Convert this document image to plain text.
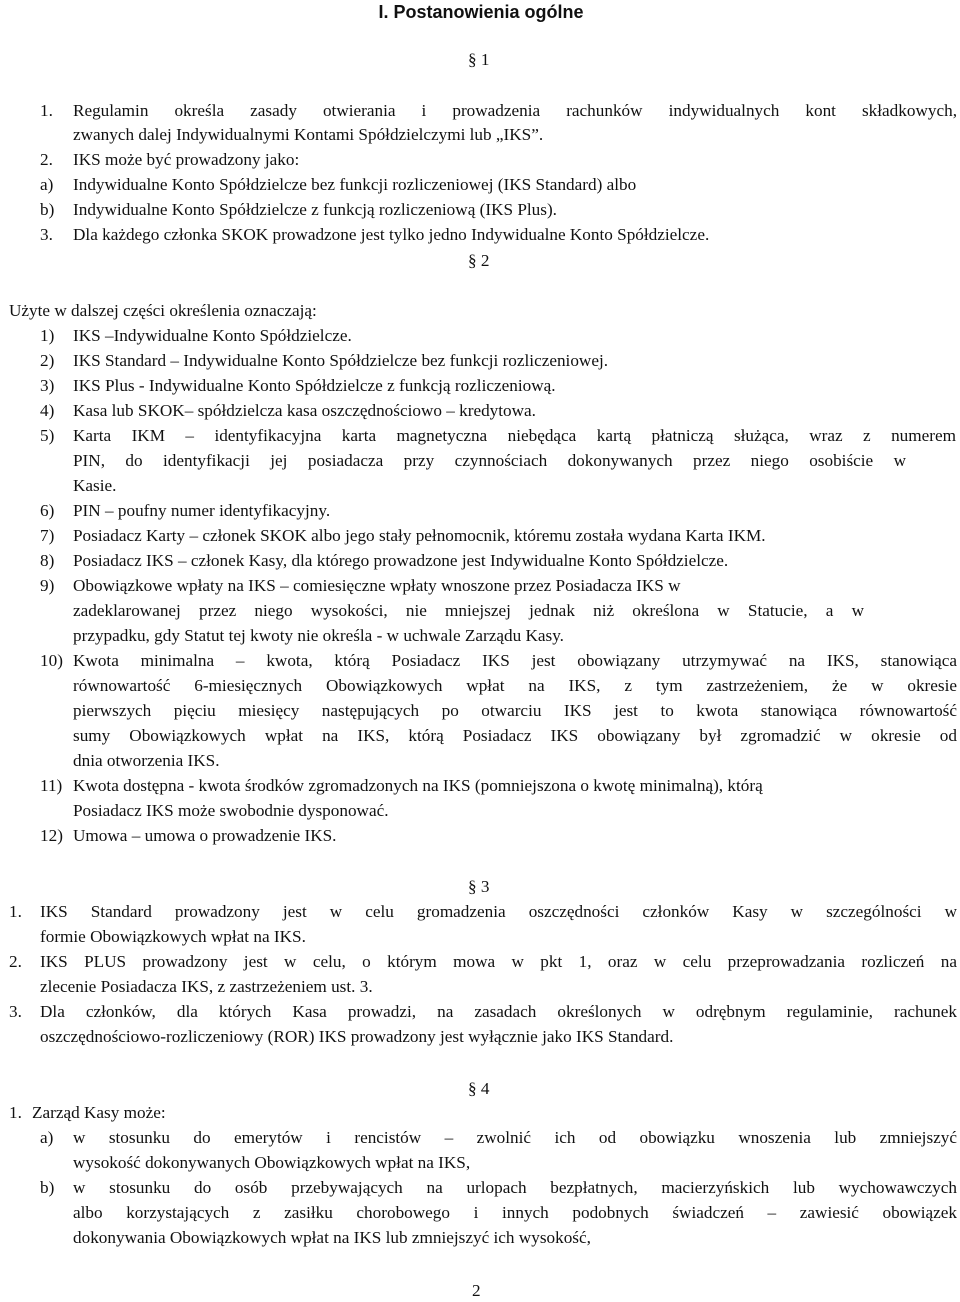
I. Postanowienia ogólne
§ 1
1. Regulamin określa zasady otwierania i prowadzenia rachunków indywidualnych kont składkowych,
zwanych dalej Indywidualnymi Kontami Spółdzielczymi lub „IKS”.
2. IKS może być prowadzony jako:
a) Indywidualne Konto Spółdzielcze bez funkcji rozliczeniowej (IKS Standard) albo
b) Indywidualne Konto Spółdzielcze z funkcją rozliczeniową (IKS Plus).
3. Dla każdego członka SKOK prowadzone jest tylko jedno Indywidualne Konto Spółdzielcze.
§ 2
Użyte w dalszej części określenia oznaczają:
1) IKS –Indywidualne Konto Spółdzielcze.
2) IKS Standard – Indywidualne Konto Spółdzielcze bez funkcji rozliczeniowej.
3) IKS Plus - Indywidualne Konto Spółdzielcze z funkcją rozliczeniową.
4) Kasa lub SKOK– spółdzielcza kasa oszczędnościowo – kredytowa.
5) Karta IKM – identyfikacyjna karta magnetyczna niebędąca kartą płatniczą służąca, wraz z numerem
PIN, do identyfikacji jej posiadacza przy czynnościach dokonywanych przez niego osobiście w
Kasie.
6) PIN – poufny numer identyfikacyjny.
7) Posiadacz Karty – członek SKOK albo jego stały pełnomocnik, któremu została wydana Karta IKM.
8) Posiadacz IKS – członek Kasy, dla którego prowadzone jest Indywidualne Konto Spółdzielcze.
9) Obowiązkowe wpłaty na IKS – comiesięczne wpłaty wnoszone przez Posiadacza IKS w
zadeklarowanej przez niego wysokości, nie mniejszej jednak niż określona w Statucie, a w
przypadku, gdy Statut tej kwoty nie określa - w uchwale Zarządu Kasy.
10) Kwota minimalna – kwota, którą Posiadacz IKS jest obowiązany utrzymywać na IKS, stanowiąca
równowartość 6-miesięcznych Obowiązkowych wpłat na IKS, z tym zastrzeżeniem, że w okresie
pierwszych pięciu miesięcy następujących po otwarciu IKS jest to kwota stanowiąca równowartość
sumy Obowiązkowych wpłat na IKS, którą Posiadacz IKS obowiązany był zgromadzić w okresie od
dnia otworzenia IKS.
11) Kwota dostępna - kwota środków zgromadzonych na IKS (pomniejszona o kwotę minimalną), którą
Posiadacz IKS może swobodnie dysponować.
12) Umowa – umowa o prowadzenie IKS.
§ 3
1. IKS Standard prowadzony jest w celu gromadzenia oszczędności członków Kasy w szczególności w
formie Obowiązkowych wpłat na IKS.
2. IKS PLUS prowadzony jest w celu, o którym mowa w pkt 1, oraz w celu przeprowadzania rozliczeń na
zlecenie Posiadacza IKS, z zastrzeżeniem ust. 3.
3. Dla członków, dla których Kasa prowadzi, na zasadach określonych w odrębnym regulaminie, rachunek
oszczędnościowo-rozliczeniowy (ROR) IKS prowadzony jest wyłącznie jako IKS Standard.
§ 4
1. Zarząd Kasy może:
a) w stosunku do emerytów i rencistów – zwolnić ich od obowiązku wnoszenia lub zmniejszyć
wysokość dokonywanych Obowiązkowych wpłat na IKS,
b) w stosunku do osób przebywających na urlopach bezpłatnych, macierzyńskich lub wychowawczych
albo korzystających z zasiłku chorobowego i innych podobnych świadczeń – zawiesić obowiązek
dokonywania Obowiązkowych wpłat na IKS lub zmniejszyć ich wysokość,
2
